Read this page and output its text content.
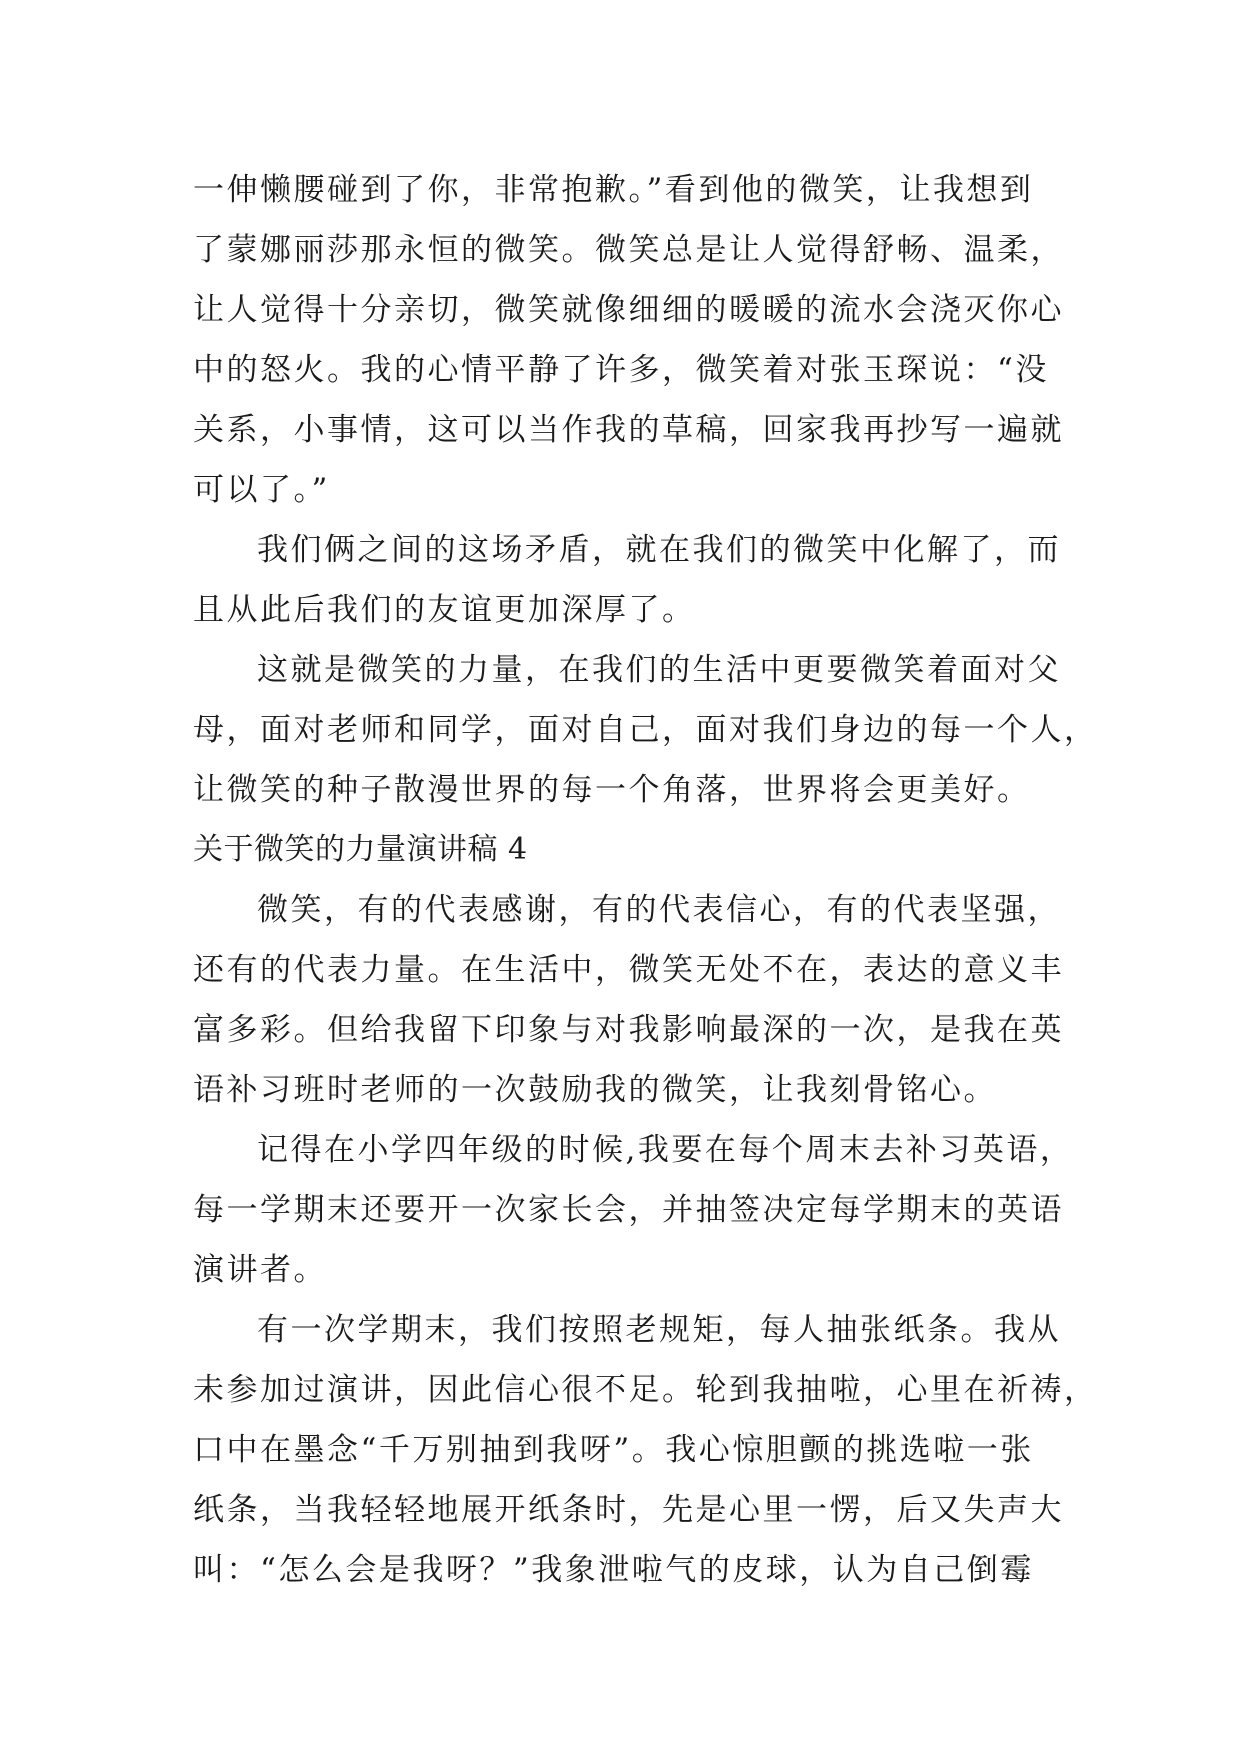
一伸懒腰碰到了你，非常抱歉。”看到他的微笑，让我想到
了蒙娜丽莎那永恒的微笑。微笑总是让人觉得舒畅、温柔，
让人觉得十分亲切，微笑就像细细的暖暖的流水会浇灭你心
中的怒火。我的心情平静了许多，微笑着对张玉琛说：“没
关系，小事情，这可以当作我的草稿，回家我再抄写一遍就
可以了。”
我们俩之间的这场矛盾，就在我们的微笑中化解了，而
且从此后我们的友谊更加深厚了。
这就是微笑的力量，在我们的生活中更要微笑着面对父
母，面对老师和同学，面对自己，面对我们身边的每一个人，
让微笑的种子散漫世界的每一个角落，世界将会更美好。
关于微笑的力量演讲稿 4
微笑，有的代表感谢，有的代表信心，有的代表坚强，
还有的代表力量。在生活中，微笑无处不在，表达的意义丰
富多彩。但给我留下印象与对我影响最深的一次，是我在英
语补习班时老师的一次鼓励我的微笑，让我刻骨铭心。
记得在小学四年级的时候,我要在每个周末去补习英语，
每一学期末还要开一次家长会，并抽签决定每学期末的英语
演讲者。
有一次学期末，我们按照老规矩，每人抽张纸条。我从
未参加过演讲，因此信心很不足。轮到我抽啦，心里在祈祷，
口中在墨念“千万别抽到我呀”。我心惊胆颤的挑选啦一张
纸条，当我轻轻地展开纸条时，先是心里一愣，后又失声大
叫：“怎么会是我呀？”我象泄啦气的皮球，认为自己倒霉
